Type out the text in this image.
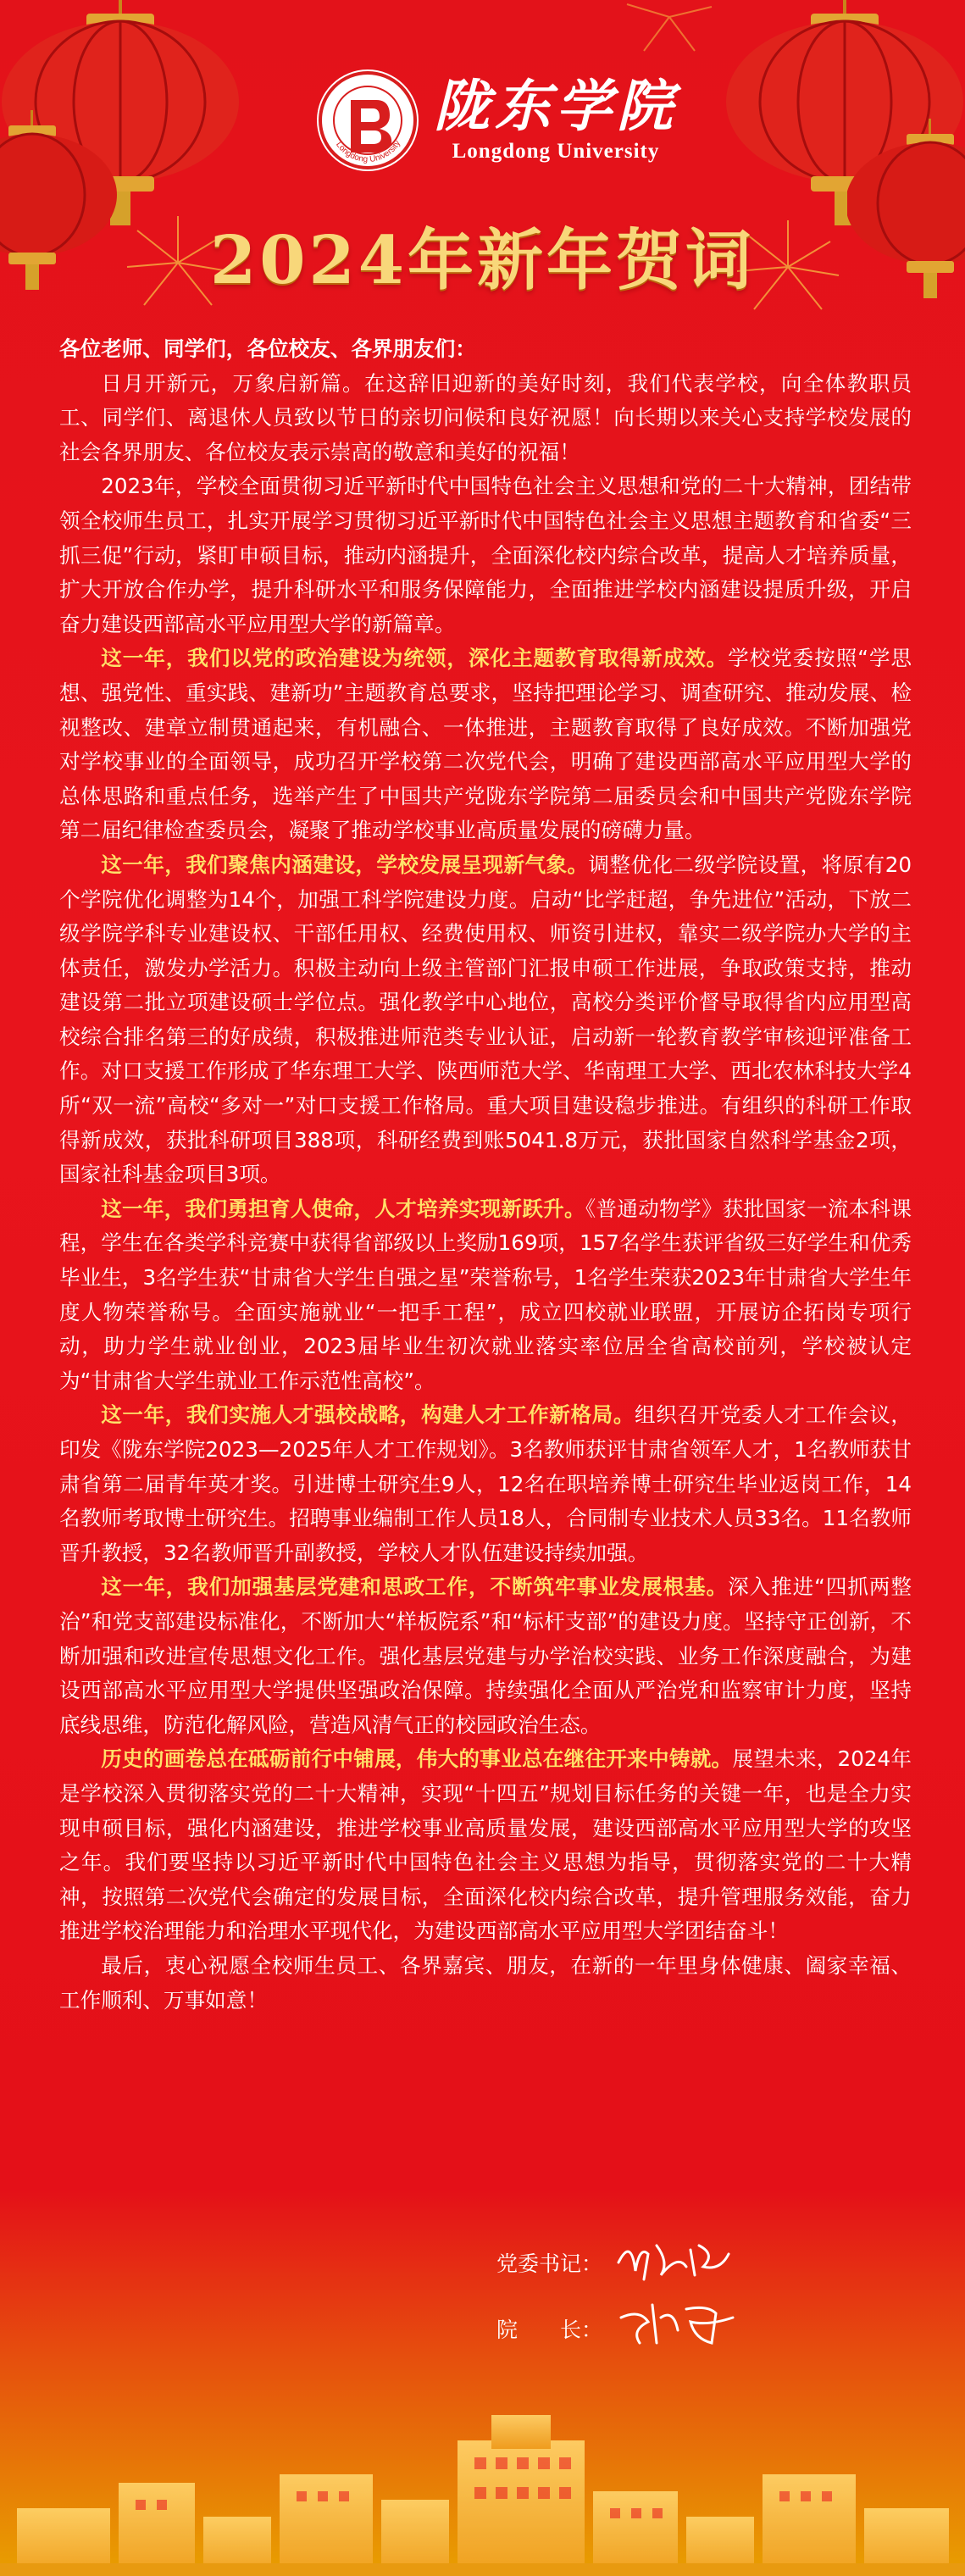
Longdong University
陇东学院
Longdong University
2024年新年贺词

各位老师、同学们，各位校友、各界朋友们：

日月开新元，万象启新篇。在这辞旧迎新的美好时刻，我们代表学校，向全体教职员工、同学们、离退休人员致以节日的亲切问候和良好祝愿！向长期以来关心支持学校发展的社会各界朋友、各位校友表示崇高的敬意和美好的祝福！

2023年，学校全面贯彻习近平新时代中国特色社会主义思想和党的二十大精神，团结带领全校师生员工，扎实开展学习贯彻习近平新时代中国特色社会主义思想主题教育和省委“三抓三促”行动，紧盯申硕目标，推动内涵提升，全面深化校内综合改革，提高人才培养质量，扩大开放合作办学，提升科研水平和服务保障能力，全面推进学校内涵建设提质升级，开启奋力建设西部高水平应用型大学的新篇章。

这一年，我们以党的政治建设为统领，深化主题教育取得新成效。学校党委按照“学思想、强党性、重实践、建新功”主题教育总要求，坚持把理论学习、调查研究、推动发展、检视整改、建章立制贯通起来，有机融合、一体推进，主题教育取得了良好成效。不断加强党对学校事业的全面领导，成功召开学校第二次党代会，明确了建设西部高水平应用型大学的总体思路和重点任务，选举产生了中国共产党陇东学院第二届委员会和中国共产党陇东学院第二届纪律检查委员会，凝聚了推动学校事业高质量发展的磅礴力量。

这一年，我们聚焦内涵建设，学校发展呈现新气象。调整优化二级学院设置，将原有20个学院优化调整为14个，加强工科学院建设力度。启动“比学赶超，争先进位”活动，下放二级学院学科专业建设权、干部任用权、经费使用权、师资引进权，靠实二级学院办大学的主体责任，激发办学活力。积极主动向上级主管部门汇报申硕工作进展，争取政策支持，推动建设第二批立项建设硕士学位点。强化教学中心地位，高校分类评价督导取得省内应用型高校综合排名第三的好成绩，积极推进师范类专业认证，启动新一轮教育教学审核迎评准备工作。对口支援工作形成了华东理工大学、陕西师范大学、华南理工大学、西北农林科技大学4所“双一流”高校“多对一”对口支援工作格局。重大项目建设稳步推进。有组织的科研工作取得新成效，获批科研项目388项，科研经费到账5041.8万元，获批国家自然科学基金2项，国家社科基金项目3项。

这一年，我们勇担育人使命，人才培养实现新跃升。《普通动物学》获批国家一流本科课程，学生在各类学科竞赛中获得省部级以上奖励169项，157名学生获评省级三好学生和优秀毕业生，3名学生获“甘肃省大学生自强之星”荣誉称号，1名学生荣获2023年甘肃省大学生年度人物荣誉称号。全面实施就业“一把手工程”，成立四校就业联盟，开展访企拓岗专项行动，助力学生就业创业，2023届毕业生初次就业落实率位居全省高校前列，学校被认定为“甘肃省大学生就业工作示范性高校”。

这一年，我们实施人才强校战略，构建人才工作新格局。组织召开党委人才工作会议，印发《陇东学院2023—2025年人才工作规划》。3名教师获评甘肃省领军人才，1名教师获甘肃省第二届青年英才奖。引进博士研究生9人，12名在职培养博士研究生毕业返岗工作，14名教师考取博士研究生。招聘事业编制工作人员18人，合同制专业技术人员33名。11名教师晋升教授，32名教师晋升副教授，学校人才队伍建设持续加强。

这一年，我们加强基层党建和思政工作，不断筑牢事业发展根基。深入推进“四抓两整治”和党支部建设标准化，不断加大“样板院系”和“标杆支部”的建设力度。坚持守正创新，不断加强和改进宣传思想文化工作。强化基层党建与办学治校实践、业务工作深度融合，为建设西部高水平应用型大学提供坚强政治保障。持续强化全面从严治党和监察审计力度，坚持底线思维，防范化解风险，营造风清气正的校园政治生态。

历史的画卷总在砥砺前行中铺展，伟大的事业总在继往开来中铸就。展望未来，2024年是学校深入贯彻落实党的二十大精神，实现“十四五”规划目标任务的关键一年，也是全力实现申硕目标，强化内涵建设，推进学校事业高质量发展，建设西部高水平应用型大学的攻坚之年。我们要坚持以习近平新时代中国特色社会主义思想为指导，贯彻落实党的二十大精神，按照第二次党代会确定的发展目标，全面深化校内综合改革，提升管理服务效能，奋力推进学校治理能力和治理水平现代化，为建设西部高水平应用型大学团结奋斗！

最后，衷心祝愿全校师生员工、各界嘉宾、朋友，在新的一年里身体健康、阖家幸福、工作顺利、万事如意！

党委书记：
院　　长：
